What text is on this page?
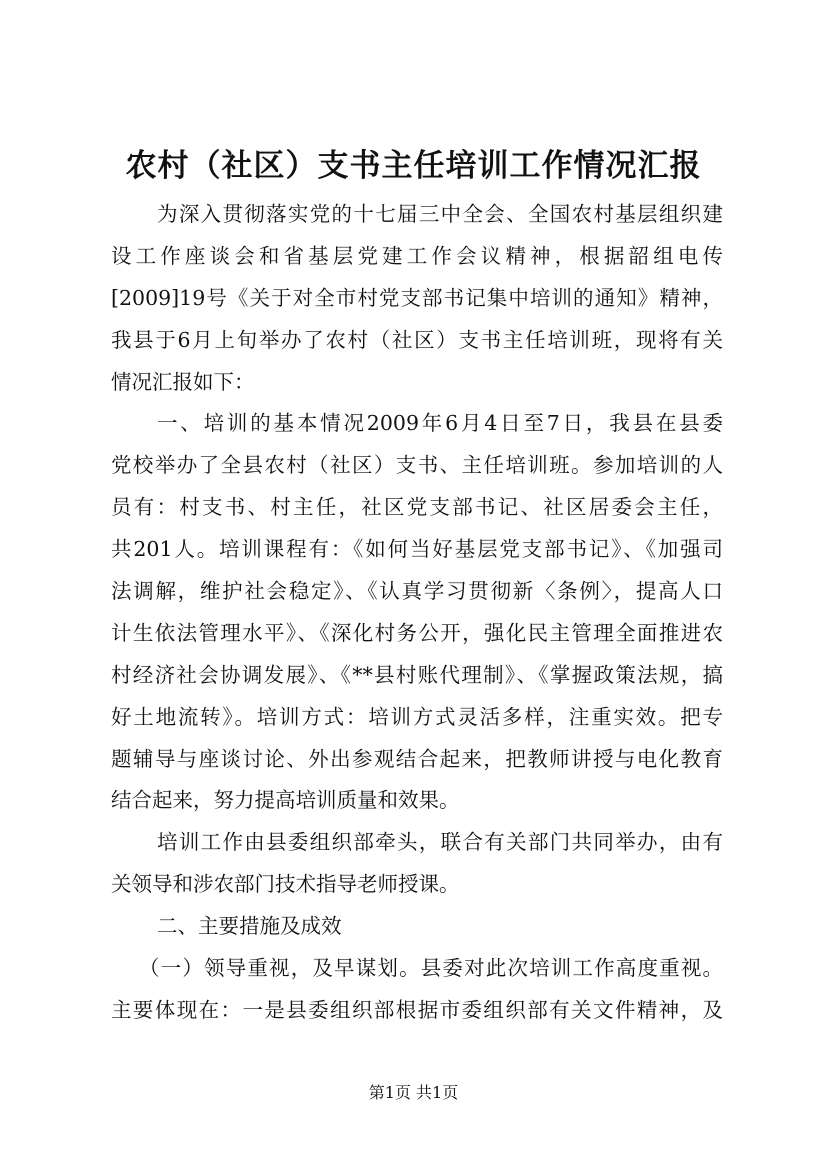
农村（社区）支书主任培训工作情况汇报
为深入贯彻落实党的十七届三中全会、全国农村基层组织建
设工作座谈会和省基层党建工作会议精神，根据韶组电传
[2009]19号《关于对全市村党支部书记集中培训的通知》精神，
我县于6月上旬举办了农村（社区）支书主任培训班，现将有关
情况汇报如下：
一、培训的基本情况2009年6月4日至7日，我县在县委
党校举办了全县农村（社区）支书、主任培训班。参加培训的人
员有：村支书、村主任，社区党支部书记、社区居委会主任，
共201人。培训课程有：《如何当好基层党支部书记》、《加强司
法调解，维护社会稳定》、《认真学习贯彻新〈条例〉，提高人口
计生依法管理水平》、《深化村务公开，强化民主管理全面推进农
村经济社会协调发展》、《**县村账代理制》、《掌握政策法规，搞
好土地流转》。培训方式：培训方式灵活多样，注重实效。把专
题辅导与座谈讨论、外出参观结合起来，把教师讲授与电化教育
结合起来，努力提高培训质量和效果。
培训工作由县委组织部牵头，联合有关部门共同举办，由有
关领导和涉农部门技术指导老师授课。
二、主要措施及成效
（一）领导重视，及早谋划。县委对此次培训工作高度重视。
主要体现在：一是县委组织部根据市委组织部有关文件精神，及
第1页 共1页
